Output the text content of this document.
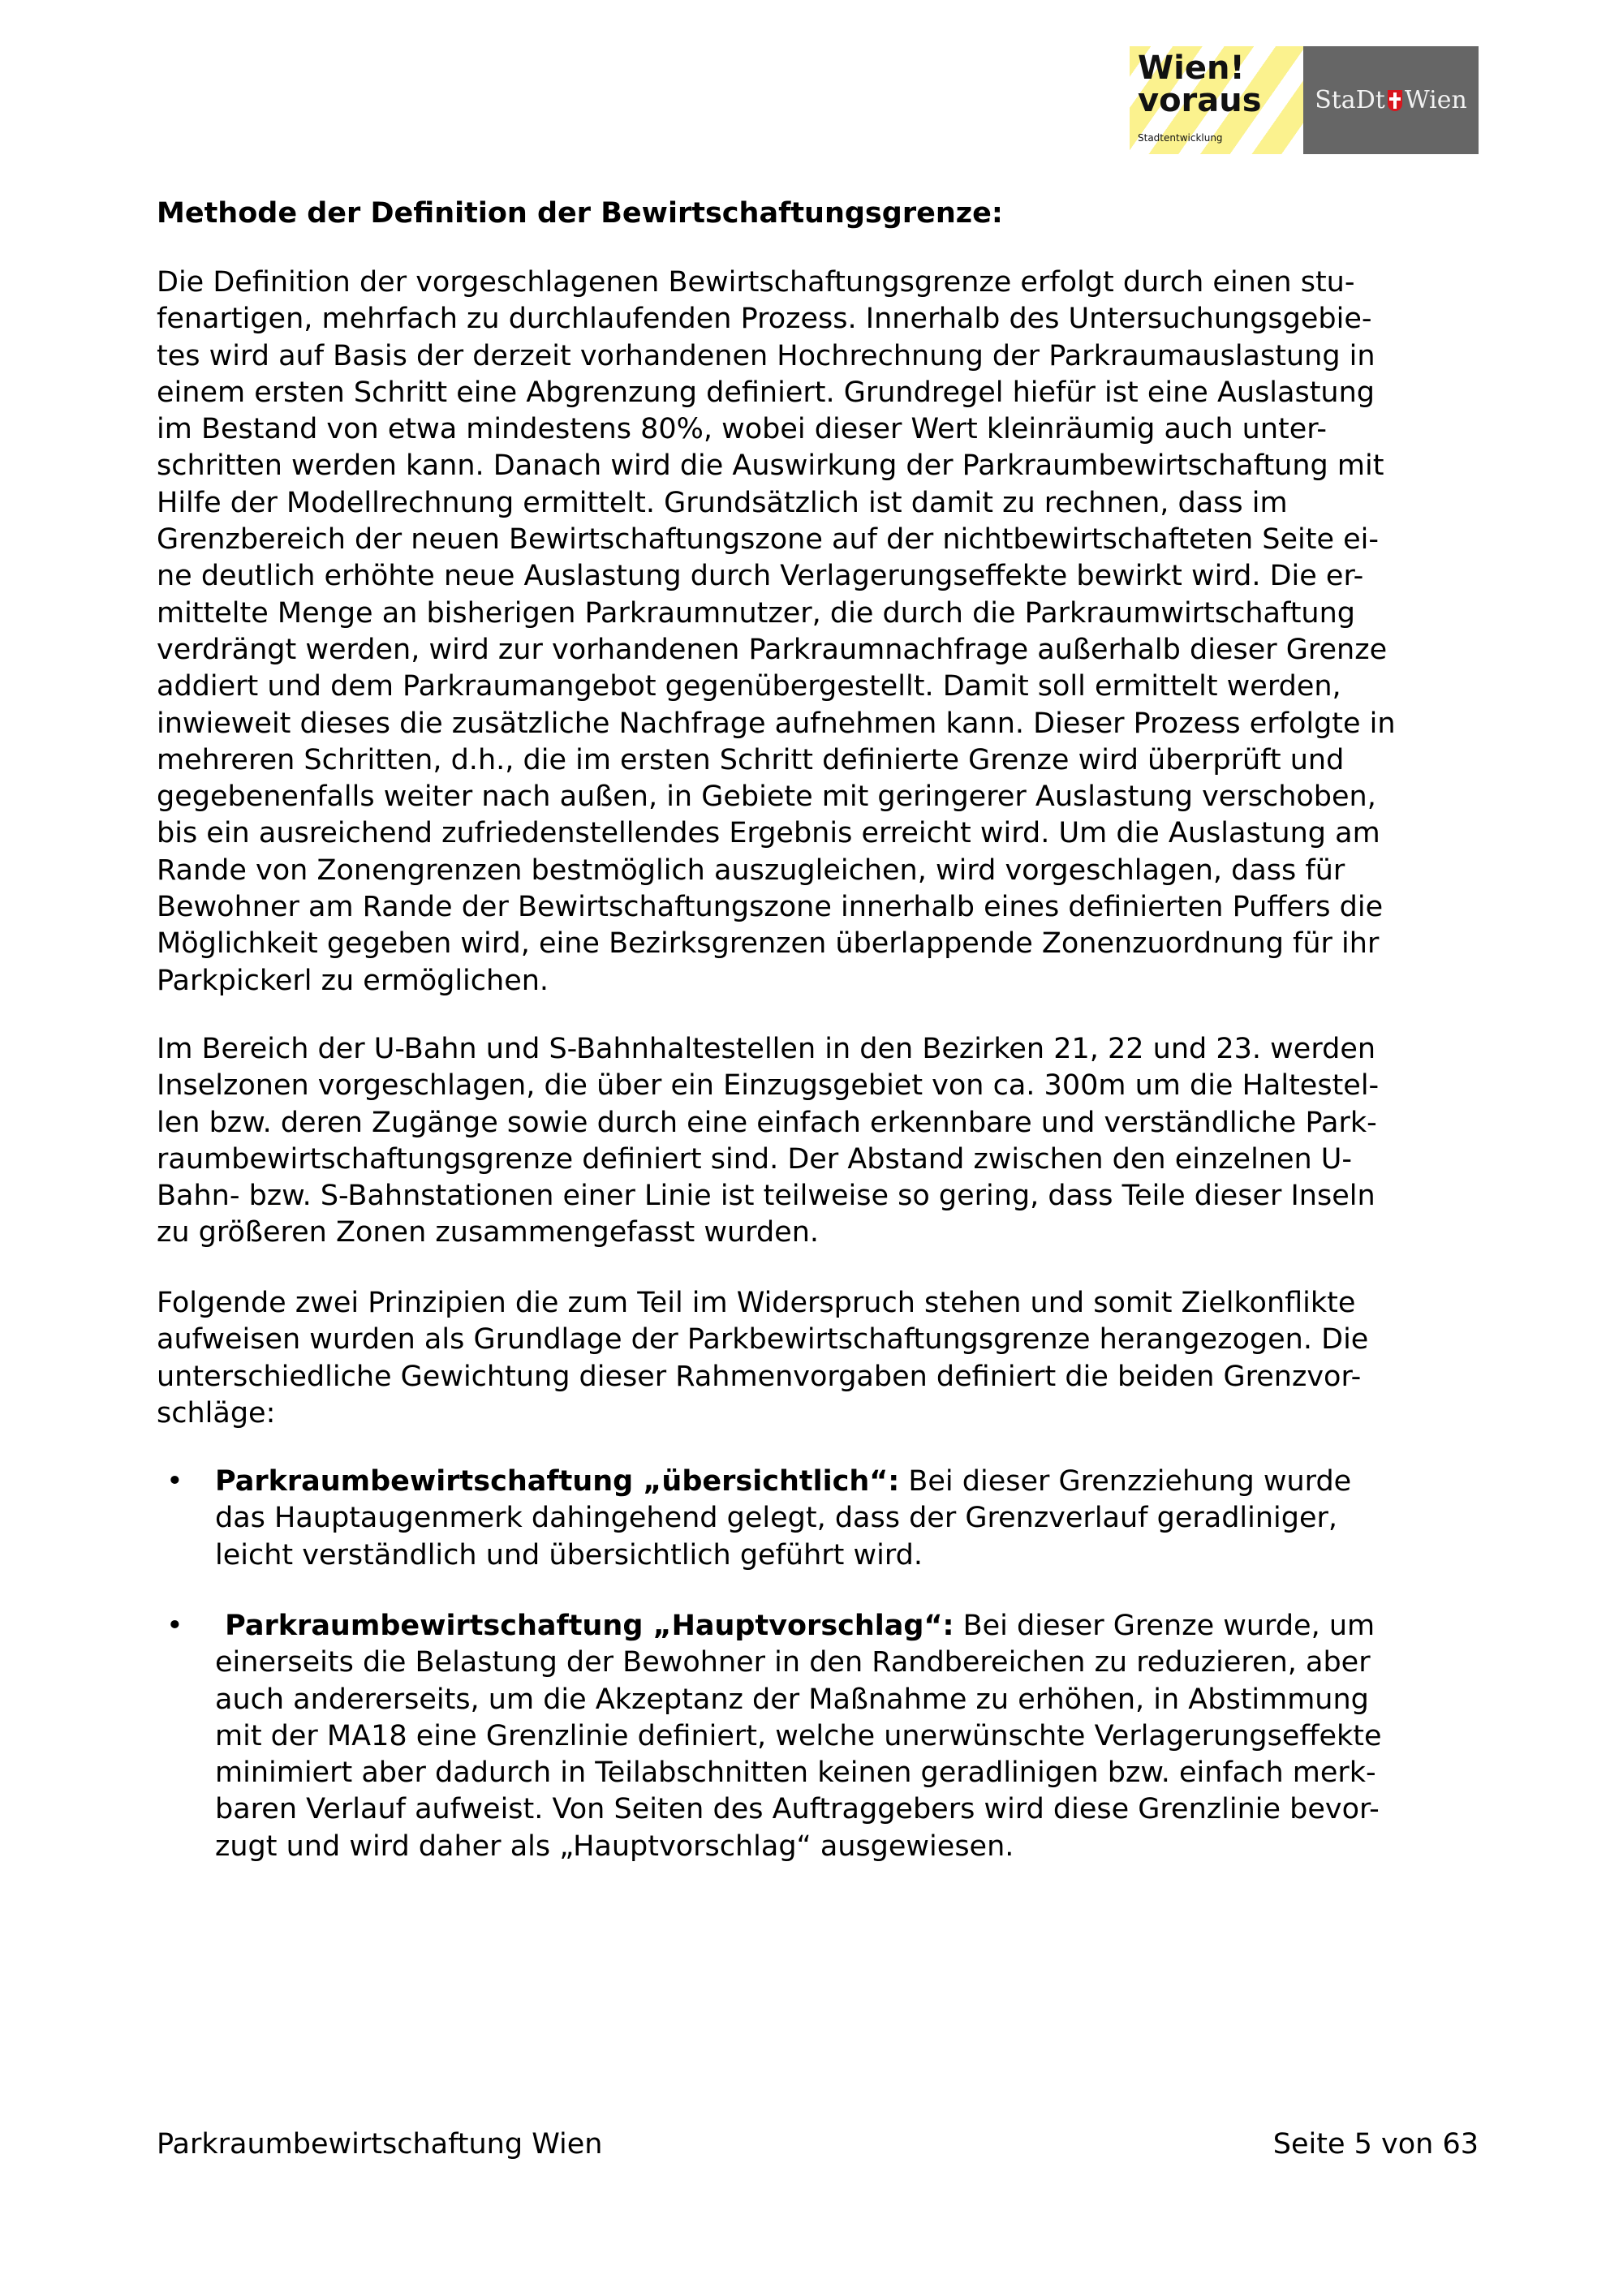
Wien!
voraus
Stadtentwicklung
StaDt Wien
Methode der Definition der Bewirtschaftungsgrenze:
Die Definition der vorgeschlagenen Bewirtschaftungsgrenze erfolgt durch einen stu-
fenartigen, mehrfach zu durchlaufenden Prozess. Innerhalb des Untersuchungsgebie-
tes wird auf Basis der derzeit vorhandenen Hochrechnung der Parkraumauslastung in
einem ersten Schritt eine Abgrenzung definiert. Grundregel hiefür ist eine Auslastung
im Bestand von etwa mindestens 80%, wobei dieser Wert kleinräumig auch unter-
schritten werden kann. Danach wird die Auswirkung der Parkraumbewirtschaftung mit
Hilfe der Modellrechnung ermittelt. Grundsätzlich ist damit zu rechnen, dass im
Grenzbereich der neuen Bewirtschaftungszone auf der nichtbewirtschafteten Seite ei-
ne deutlich erhöhte neue Auslastung durch Verlagerungseffekte bewirkt wird. Die er-
mittelte Menge an bisherigen Parkraumnutzer, die durch die Parkraumwirtschaftung
verdrängt werden, wird zur vorhandenen Parkraumnachfrage außerhalb dieser Grenze
addiert und dem Parkraumangebot gegenübergestellt. Damit soll ermittelt werden,
inwieweit dieses die zusätzliche Nachfrage aufnehmen kann. Dieser Prozess erfolgte in
mehreren Schritten, d.h., die im ersten Schritt definierte Grenze wird überprüft und
gegebenenfalls weiter nach außen, in Gebiete mit geringerer Auslastung verschoben,
bis ein ausreichend zufriedenstellendes Ergebnis erreicht wird. Um die Auslastung am
Rande von Zonengrenzen bestmöglich auszugleichen, wird vorgeschlagen, dass für
Bewohner am Rande der Bewirtschaftungszone innerhalb eines definierten Puffers die
Möglichkeit gegeben wird, eine Bezirksgrenzen überlappende Zonenzuordnung für ihr
Parkpickerl zu ermöglichen.
Im Bereich der U-Bahn und S-Bahnhaltestellen in den Bezirken 21, 22 und 23. werden
Inselzonen vorgeschlagen, die über ein Einzugsgebiet von ca. 300m um die Haltestel-
len bzw. deren Zugänge sowie durch eine einfach erkennbare und verständliche Park-
raumbewirtschaftungsgrenze definiert sind. Der Abstand zwischen den einzelnen U-
Bahn- bzw. S-Bahnstationen einer Linie ist teilweise so gering, dass Teile dieser Inseln
zu größeren Zonen zusammengefasst wurden.
Folgende zwei Prinzipien die zum Teil im Widerspruch stehen und somit Zielkonflikte
aufweisen wurden als Grundlage der Parkbewirtschaftungsgrenze herangezogen. Die
unterschiedliche Gewichtung dieser Rahmenvorgaben definiert die beiden Grenzvor-
schläge:
• Parkraumbewirtschaftung „übersichtlich“: Bei dieser Grenzziehung wurde
das Hauptaugenmerk dahingehend gelegt, dass der Grenzverlauf geradliniger,
leicht verständlich und übersichtlich geführt wird.
• Parkraumbewirtschaftung „Hauptvorschlag“: Bei dieser Grenze wurde, um
einerseits die Belastung der Bewohner in den Randbereichen zu reduzieren, aber
auch andererseits, um die Akzeptanz der Maßnahme zu erhöhen, in Abstimmung
mit der MA18 eine Grenzlinie definiert, welche unerwünschte Verlagerungseffekte
minimiert aber dadurch in Teilabschnitten keinen geradlinigen bzw. einfach merk-
baren Verlauf aufweist. Von Seiten des Auftraggebers wird diese Grenzlinie bevor-
zugt und wird daher als „Hauptvorschlag“ ausgewiesen.
Parkraumbewirtschaftung Wien	Seite 5 von 63
